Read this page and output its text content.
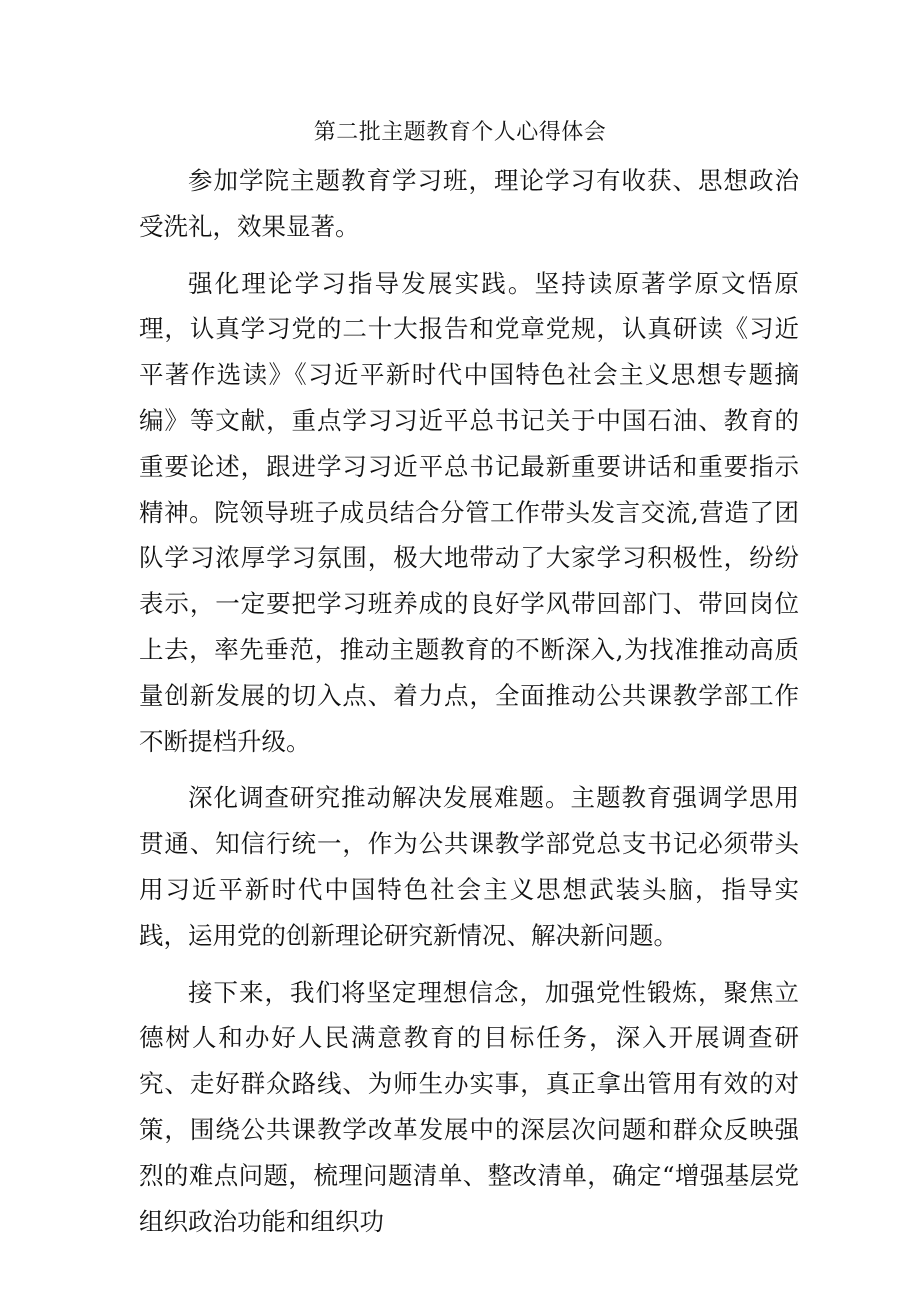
第二批主题教育个人心得体会

参加学院主题教育学习班，理论学习有收获、思想政治受洗礼，效果显著。

强化理论学习指导发展实践。坚持读原著学原文悟原理，认真学习党的二十大报告和党章党规，认真研读《习近平著作选读》《习近平新时代中国特色社会主义思想专题摘编》等文献，重点学习习近平总书记关于中国石油、教育的重要论述，跟进学习习近平总书记最新重要讲话和重要指示精神。院领导班子成员结合分管工作带头发言交流,营造了团队学习浓厚学习氛围，极大地带动了大家学习积极性，纷纷表示，一定要把学习班养成的良好学风带回部门、带回岗位上去，率先垂范，推动主题教育的不断深入,为找准推动高质量创新发展的切入点、着力点，全面推动公共课教学部工作不断提档升级。

深化调查研究推动解决发展难题。主题教育强调学思用贯通、知信行统一，作为公共课教学部党总支书记必须带头用习近平新时代中国特色社会主义思想武装头脑，指导实践，运用党的创新理论研究新情况、解决新问题。

接下来，我们将坚定理想信念，加强党性锻炼，聚焦立德树人和办好人民满意教育的目标任务，深入开展调查研究、走好群众路线、为师生办实事，真正拿出管用有效的对策，围绕公共课教学改革发展中的深层次问题和群众反映强烈的难点问题，梳理问题清单、整改清单，确定“增强基层党组织政治功能和组织功
